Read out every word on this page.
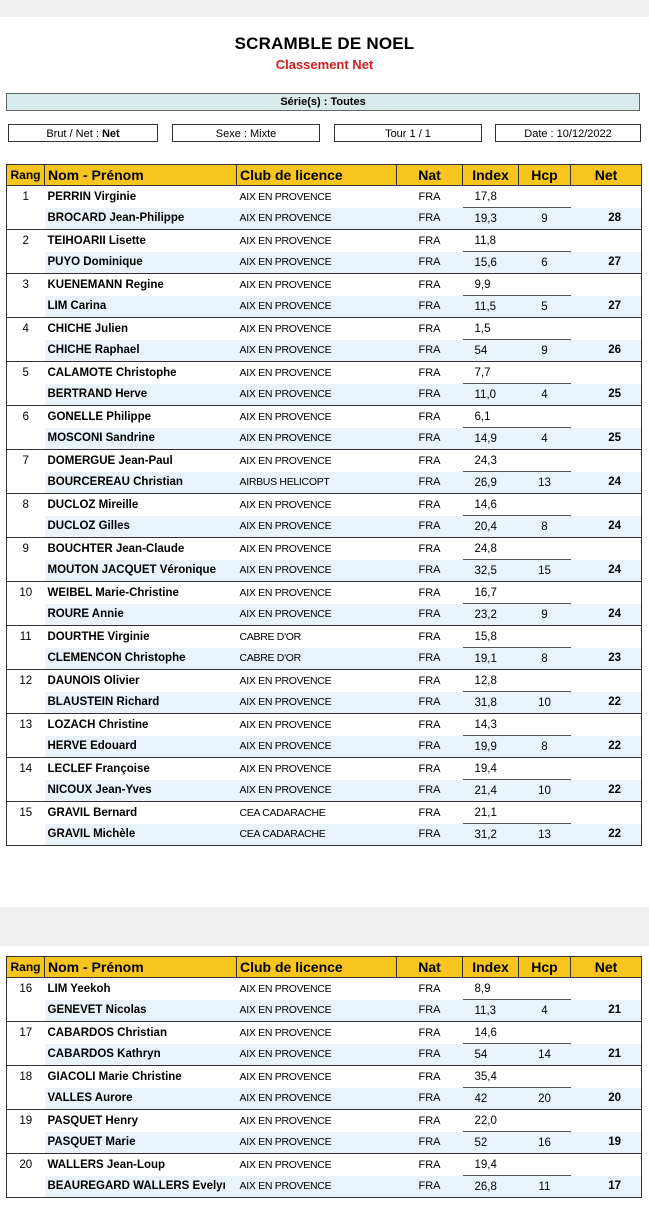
SCRAMBLE DE NOEL
Classement Net
Série(s) : Toutes
Brut / Net : Net	Sexe : Mixte	Tour 1 / 1	Date : 10/12/2022
Rang	Nom - Prénom	Club de licence	Nat	Index	Hcp	Net
1	PERRIN Virginie	AIX EN PROVENCE	FRA	17,8		
	BROCARD Jean-Philippe	AIX EN PROVENCE	FRA	19,3	9	28
2	TEIHOARII Lisette	AIX EN PROVENCE	FRA	11,8		
	PUYO Dominique	AIX EN PROVENCE	FRA	15,6	6	27
3	KUENEMANN Regine	AIX EN PROVENCE	FRA	9,9		
	LIM Carina	AIX EN PROVENCE	FRA	11,5	5	27
4	CHICHE Julien	AIX EN PROVENCE	FRA	1,5		
	CHICHE Raphael	AIX EN PROVENCE	FRA	54	9	26
5	CALAMOTE Christophe	AIX EN PROVENCE	FRA	7,7		
	BERTRAND Herve	AIX EN PROVENCE	FRA	11,0	4	25
6	GONELLE Philippe	AIX EN PROVENCE	FRA	6,1		
	MOSCONI Sandrine	AIX EN PROVENCE	FRA	14,9	4	25
7	DOMERGUE Jean-Paul	AIX EN PROVENCE	FRA	24,3		
	BOURCEREAU Christian	AIRBUS HELICOPT	FRA	26,9	13	24
8	DUCLOZ Mireille	AIX EN PROVENCE	FRA	14,6		
	DUCLOZ Gilles	AIX EN PROVENCE	FRA	20,4	8	24
9	BOUCHTER Jean-Claude	AIX EN PROVENCE	FRA	24,8		
	MOUTON JACQUET Véronique	AIX EN PROVENCE	FRA	32,5	15	24
10	WEIBEL Marie-Christine	AIX EN PROVENCE	FRA	16,7		
	ROURE Annie	AIX EN PROVENCE	FRA	23,2	9	24
11	DOURTHE Virginie	CABRE D'OR	FRA	15,8		
	CLEMENCON Christophe	CABRE D'OR	FRA	19,1	8	23
12	DAUNOIS Olivier	AIX EN PROVENCE	FRA	12,8		
	BLAUSTEIN Richard	AIX EN PROVENCE	FRA	31,8	10	22
13	LOZACH Christine	AIX EN PROVENCE	FRA	14,3		
	HERVE Edouard	AIX EN PROVENCE	FRA	19,9	8	22
14	LECLEF Françoise	AIX EN PROVENCE	FRA	19,4		
	NICOUX Jean-Yves	AIX EN PROVENCE	FRA	21,4	10	22
15	GRAVIL Bernard	CEA CADARACHE	FRA	21,1		
	GRAVIL Michèle	CEA CADARACHE	FRA	31,2	13	22
Rang	Nom - Prénom	Club de licence	Nat	Index	Hcp	Net
16	LIM Yeekoh	AIX EN PROVENCE	FRA	8,9		
	GENEVET Nicolas	AIX EN PROVENCE	FRA	11,3	4	21
17	CABARDOS Christian	AIX EN PROVENCE	FRA	14,6		
	CABARDOS Kathryn	AIX EN PROVENCE	FRA	54	14	21
18	GIACOLI Marie Christine	AIX EN PROVENCE	FRA	35,4		
	VALLES Aurore	AIX EN PROVENCE	FRA	42	20	20
19	PASQUET Henry	AIX EN PROVENCE	FRA	22,0		
	PASQUET Marie	AIX EN PROVENCE	FRA	52	16	19
20	WALLERS Jean-Loup	AIX EN PROVENCE	FRA	19,4		
	BEAUREGARD WALLERS Evelyı	AIX EN PROVENCE	FRA	26,8	11	17
